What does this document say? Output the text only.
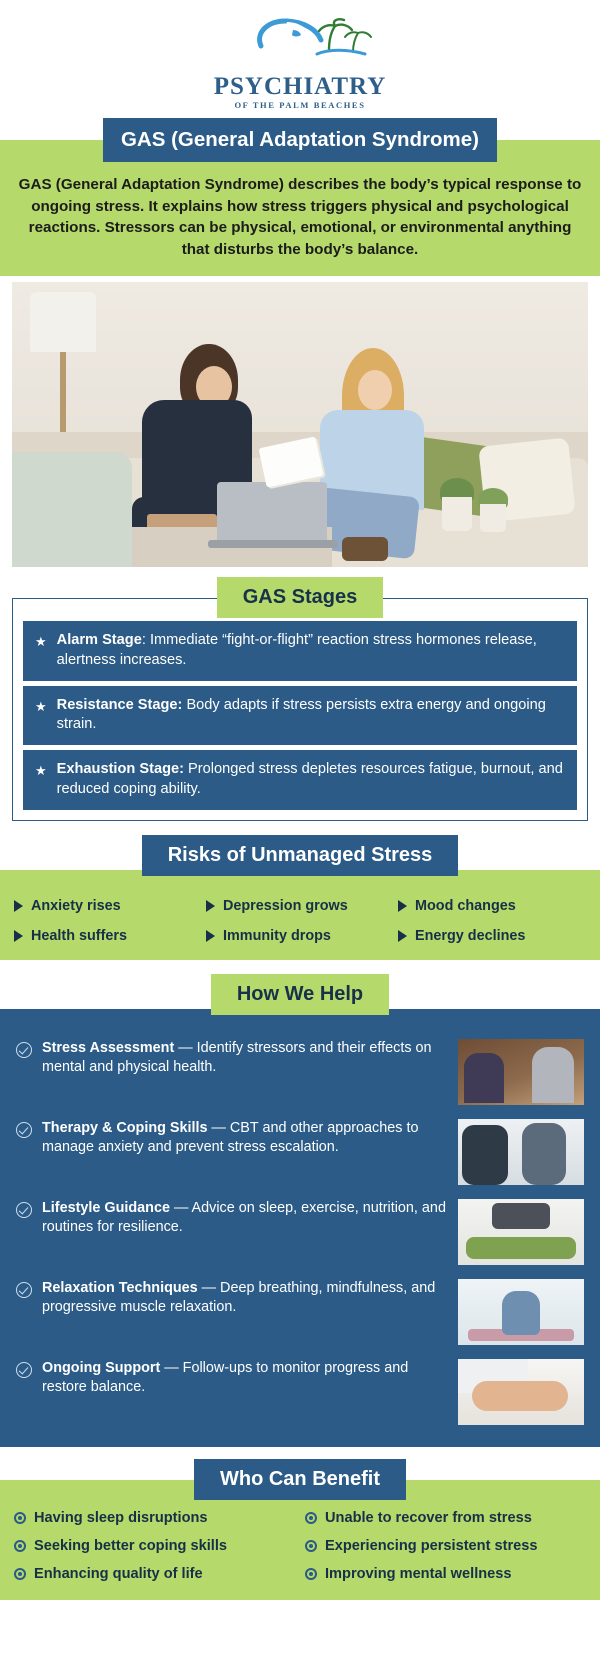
PSYCHIATRY
OF THE PALM BEACHES
GAS (General Adaptation Syndrome)
GAS (General Adaptation Syndrome) describes the body’s typical response to ongoing stress. It explains how stress triggers physical and psychological reactions. Stressors can be physical, emotional, or environmental anything that disturbs the body’s balance.
GAS Stages
★ Alarm Stage: Immediate “fight-or-flight” reaction stress hormones release, alertness increases.
★ Resistance Stage: Body adapts if stress persists extra energy and ongoing strain.
★ Exhaustion Stage: Prolonged stress depletes resources fatigue, burnout, and reduced coping ability.
Risks of Unmanaged Stress
Anxiety rises	Depression grows	Mood changes
Health suffers	Immunity drops	Energy declines
How We Help
Stress Assessment — Identify stressors and their effects on mental and physical health.
Therapy & Coping Skills — CBT and other approaches to manage anxiety and prevent stress escalation.
Lifestyle Guidance — Advice on sleep, exercise, nutrition, and routines for resilience.
Relaxation Techniques — Deep breathing, mindfulness, and progressive muscle relaxation.
Ongoing Support — Follow-ups to monitor progress and restore balance.
Who Can Benefit
Having sleep disruptions	Unable to recover from stress
Seeking better coping skills	Experiencing persistent stress
Enhancing quality of life	Improving mental wellness
